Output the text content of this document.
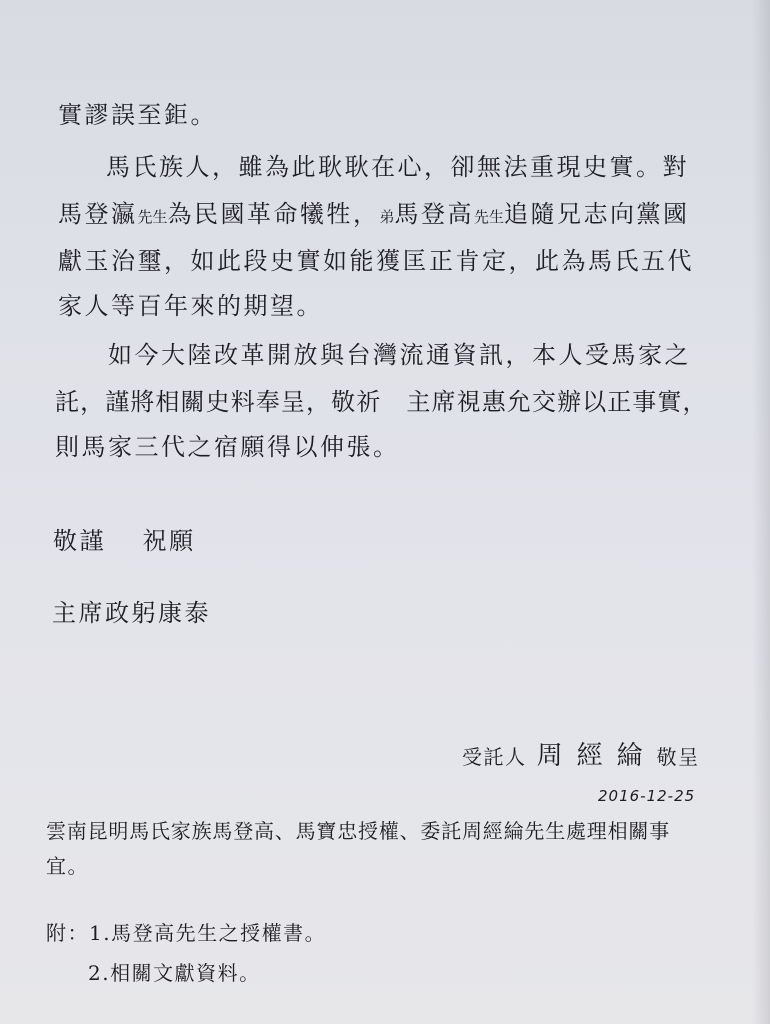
實謬誤至鉅。
馬氏族人，雖為此耿耿在心，卻無法重現史實。對
馬登瀛先生為民國革命犧牲，弟馬登高先生追隨兄志向黨國
獻玉治璽，如此段史實如能獲匡正肯定，此為馬氏五代
家人等百年來的期望。
如今大陸改革開放與台灣流通資訊，本人受馬家之
託，謹將相關史料奉呈，敬祈　主席視惠允交辦以正事實，
則馬家三代之宿願得以伸張。
敬謹　 祝願
主席政躬康泰
受託人 周經綸敬呈
2016-12-25
雲南昆明馬氏家族馬登高、馬寶忠授權、委託周經綸先生處理相關事
宜。
附：1.馬登高先生之授權書。
2.相關文獻資料。
